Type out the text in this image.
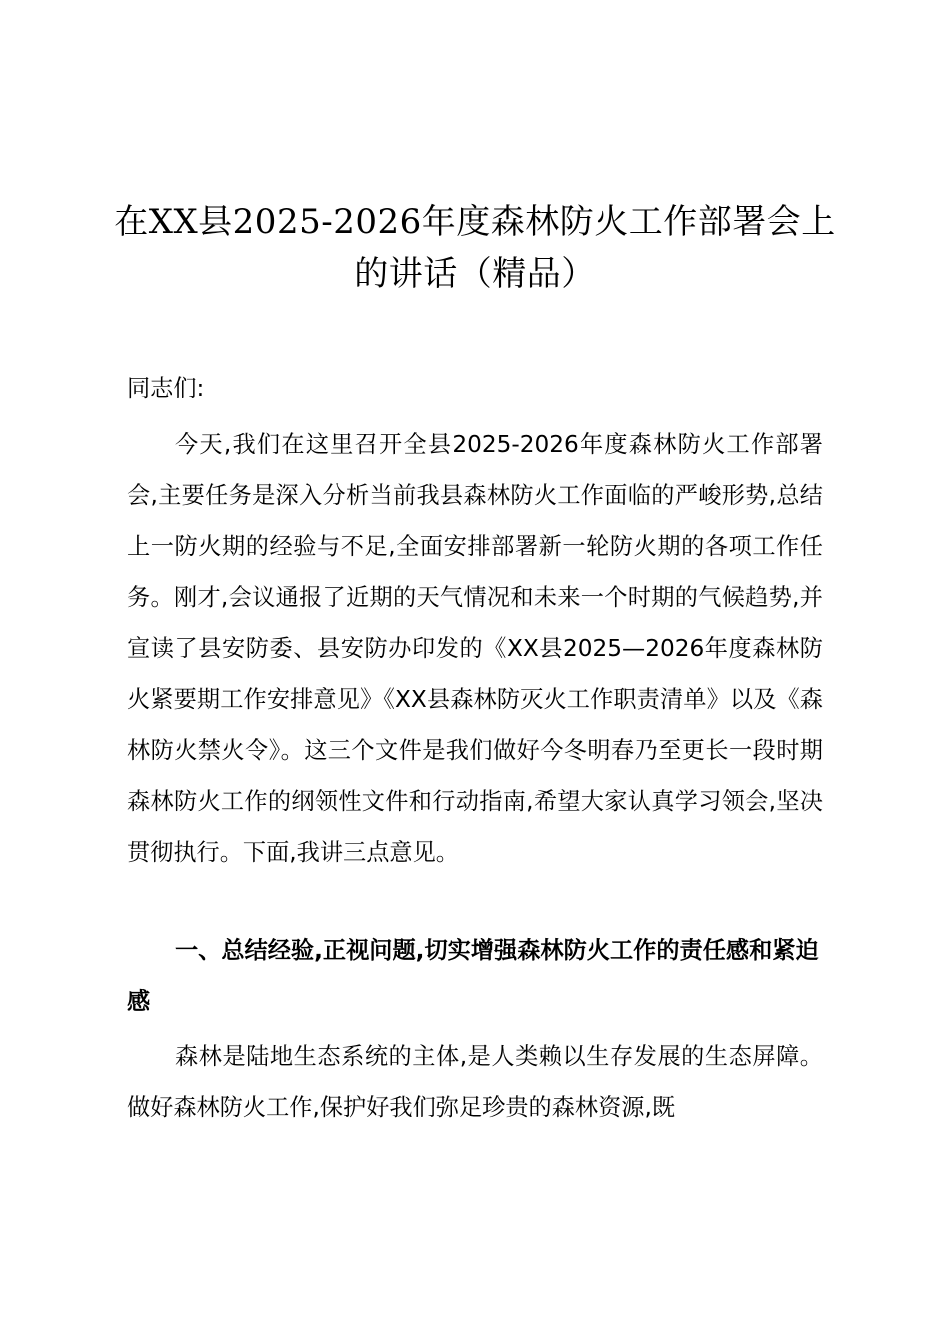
在XX县2025-2026年度森林防火工作部署会上的讲话（精品）

同志们:

今天,我们在这里召开全县2025-2026年度森林防火工作部署会,主要任务是深入分析当前我县森林防火工作面临的严峻形势,总结上一防火期的经验与不足,全面安排部署新一轮防火期的各项工作任务。刚才,会议通报了近期的天气情况和未来一个时期的气候趋势,并宣读了县安防委、县安防办印发的《XX县2025—2026年度森林防火紧要期工作安排意见》《XX县森林防灭火工作职责清单》以及《森林防火禁火令》。这三个文件是我们做好今冬明春乃至更长一段时期森林防火工作的纲领性文件和行动指南,希望大家认真学习领会,坚决贯彻执行。下面,我讲三点意见。

一、总结经验,正视问题,切实增强森林防火工作的责任感和紧迫感

森林是陆地生态系统的主体,是人类赖以生存发展的生态屏障。做好森林防火工作,保护好我们弥足珍贵的森林资源,既
